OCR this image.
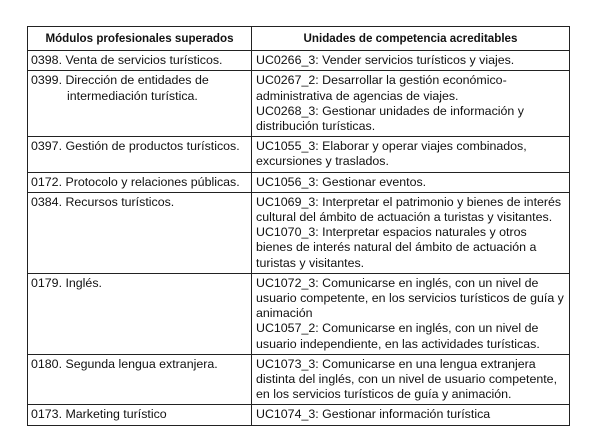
Módulos profesionales superados	Unidades de competencia acreditables

0398. Venta de servicios turísticos.	UC0266_3: Vender servicios turísticos y viajes.

0399. Dirección de entidades de intermediación turística.	UC0267_2: Desarrollar la gestión económico-administrativa de agencias de viajes.
UC0268_3: Gestionar unidades de información y distribución turísticas.

0397. Gestión de productos turísticos.	UC1055_3: Elaborar y operar viajes combinados, excursiones y traslados.

0172. Protocolo y relaciones públicas.	UC1056_3: Gestionar eventos.

0384. Recursos turísticos.	UC1069_3: Interpretar el patrimonio y bienes de interés cultural del ámbito de actuación a turistas y visitantes.
UC1070_3: Interpretar espacios naturales y otros bienes de interés natural del ámbito de actuación a turistas y visitantes.

0179. Inglés.	UC1072_3: Comunicarse en inglés, con un nivel de usuario competente, en los servicios turísticos de guía y animación
UC1057_2: Comunicarse en inglés, con un nivel de usuario independiente, en las actividades turísticas.

0180. Segunda lengua extranjera.	UC1073_3: Comunicarse en una lengua extranjera distinta del inglés, con un nivel de usuario competente, en los servicios turísticos de guía y animación.

0173. Marketing turístico	UC1074_3: Gestionar información turística
